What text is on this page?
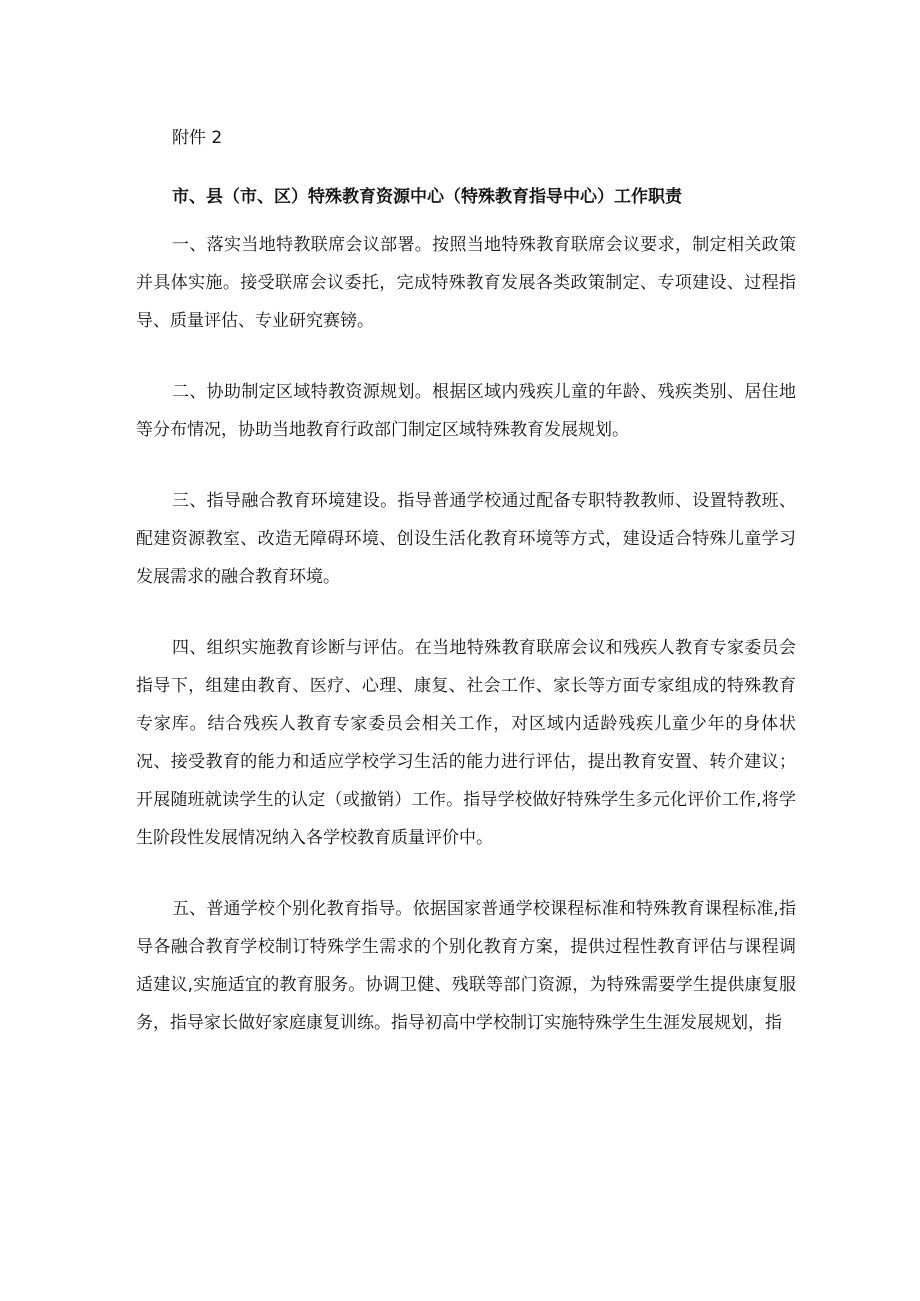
附件 2
市、县（市、区）特殊教育资源中心（特殊教育指导中心）工作职责

一、落实当地特教联席会议部署。按照当地特殊教育联席会议要求，制定相关政策并具体实施。接受联席会议委托，完成特殊教育发展各类政策制定、专项建设、过程指导、质量评估、专业研究赛镑。

二、协助制定区域特教资源规划。根据区域内残疾儿童的年龄、残疾类别、居住地等分布情况，协助当地教育行政部门制定区域特殊教育发展规划。

三、指导融合教育环境建设。指导普通学校通过配备专职特教教师、设置特教班、配建资源教室、改造无障碍环境、创设生活化教育环境等方式，建设适合特殊儿童学习发展需求的融合教育环境。

四、组织实施教育诊断与评估。在当地特殊教育联席会议和残疾人教育专家委员会指导下，组建由教育、医疗、心理、康复、社会工作、家长等方面专家组成的特殊教育专家库。结合残疾人教育专家委员会相关工作，对区域内适龄残疾儿童少年的身体状况、接受教育的能力和适应学校学习生活的能力进行评估，提出教育安置、转介建议；开展随班就读学生的认定（或撤销）工作。指导学校做好特殊学生多元化评价工作,将学生阶段性发展情况纳入各学校教育质量评价中。

五、普通学校个别化教育指导。依据国家普通学校课程标准和特殊教育课程标准,指导各融合教育学校制订特殊学生需求的个别化教育方案，提供过程性教育评估与课程调适建议,实施适宜的教育服务。协调卫健、残联等部门资源，为特殊需要学生提供康复服务，指导家长做好家庭康复训练。指导初高中学校制订实施特殊学生生涯发展规划，指
